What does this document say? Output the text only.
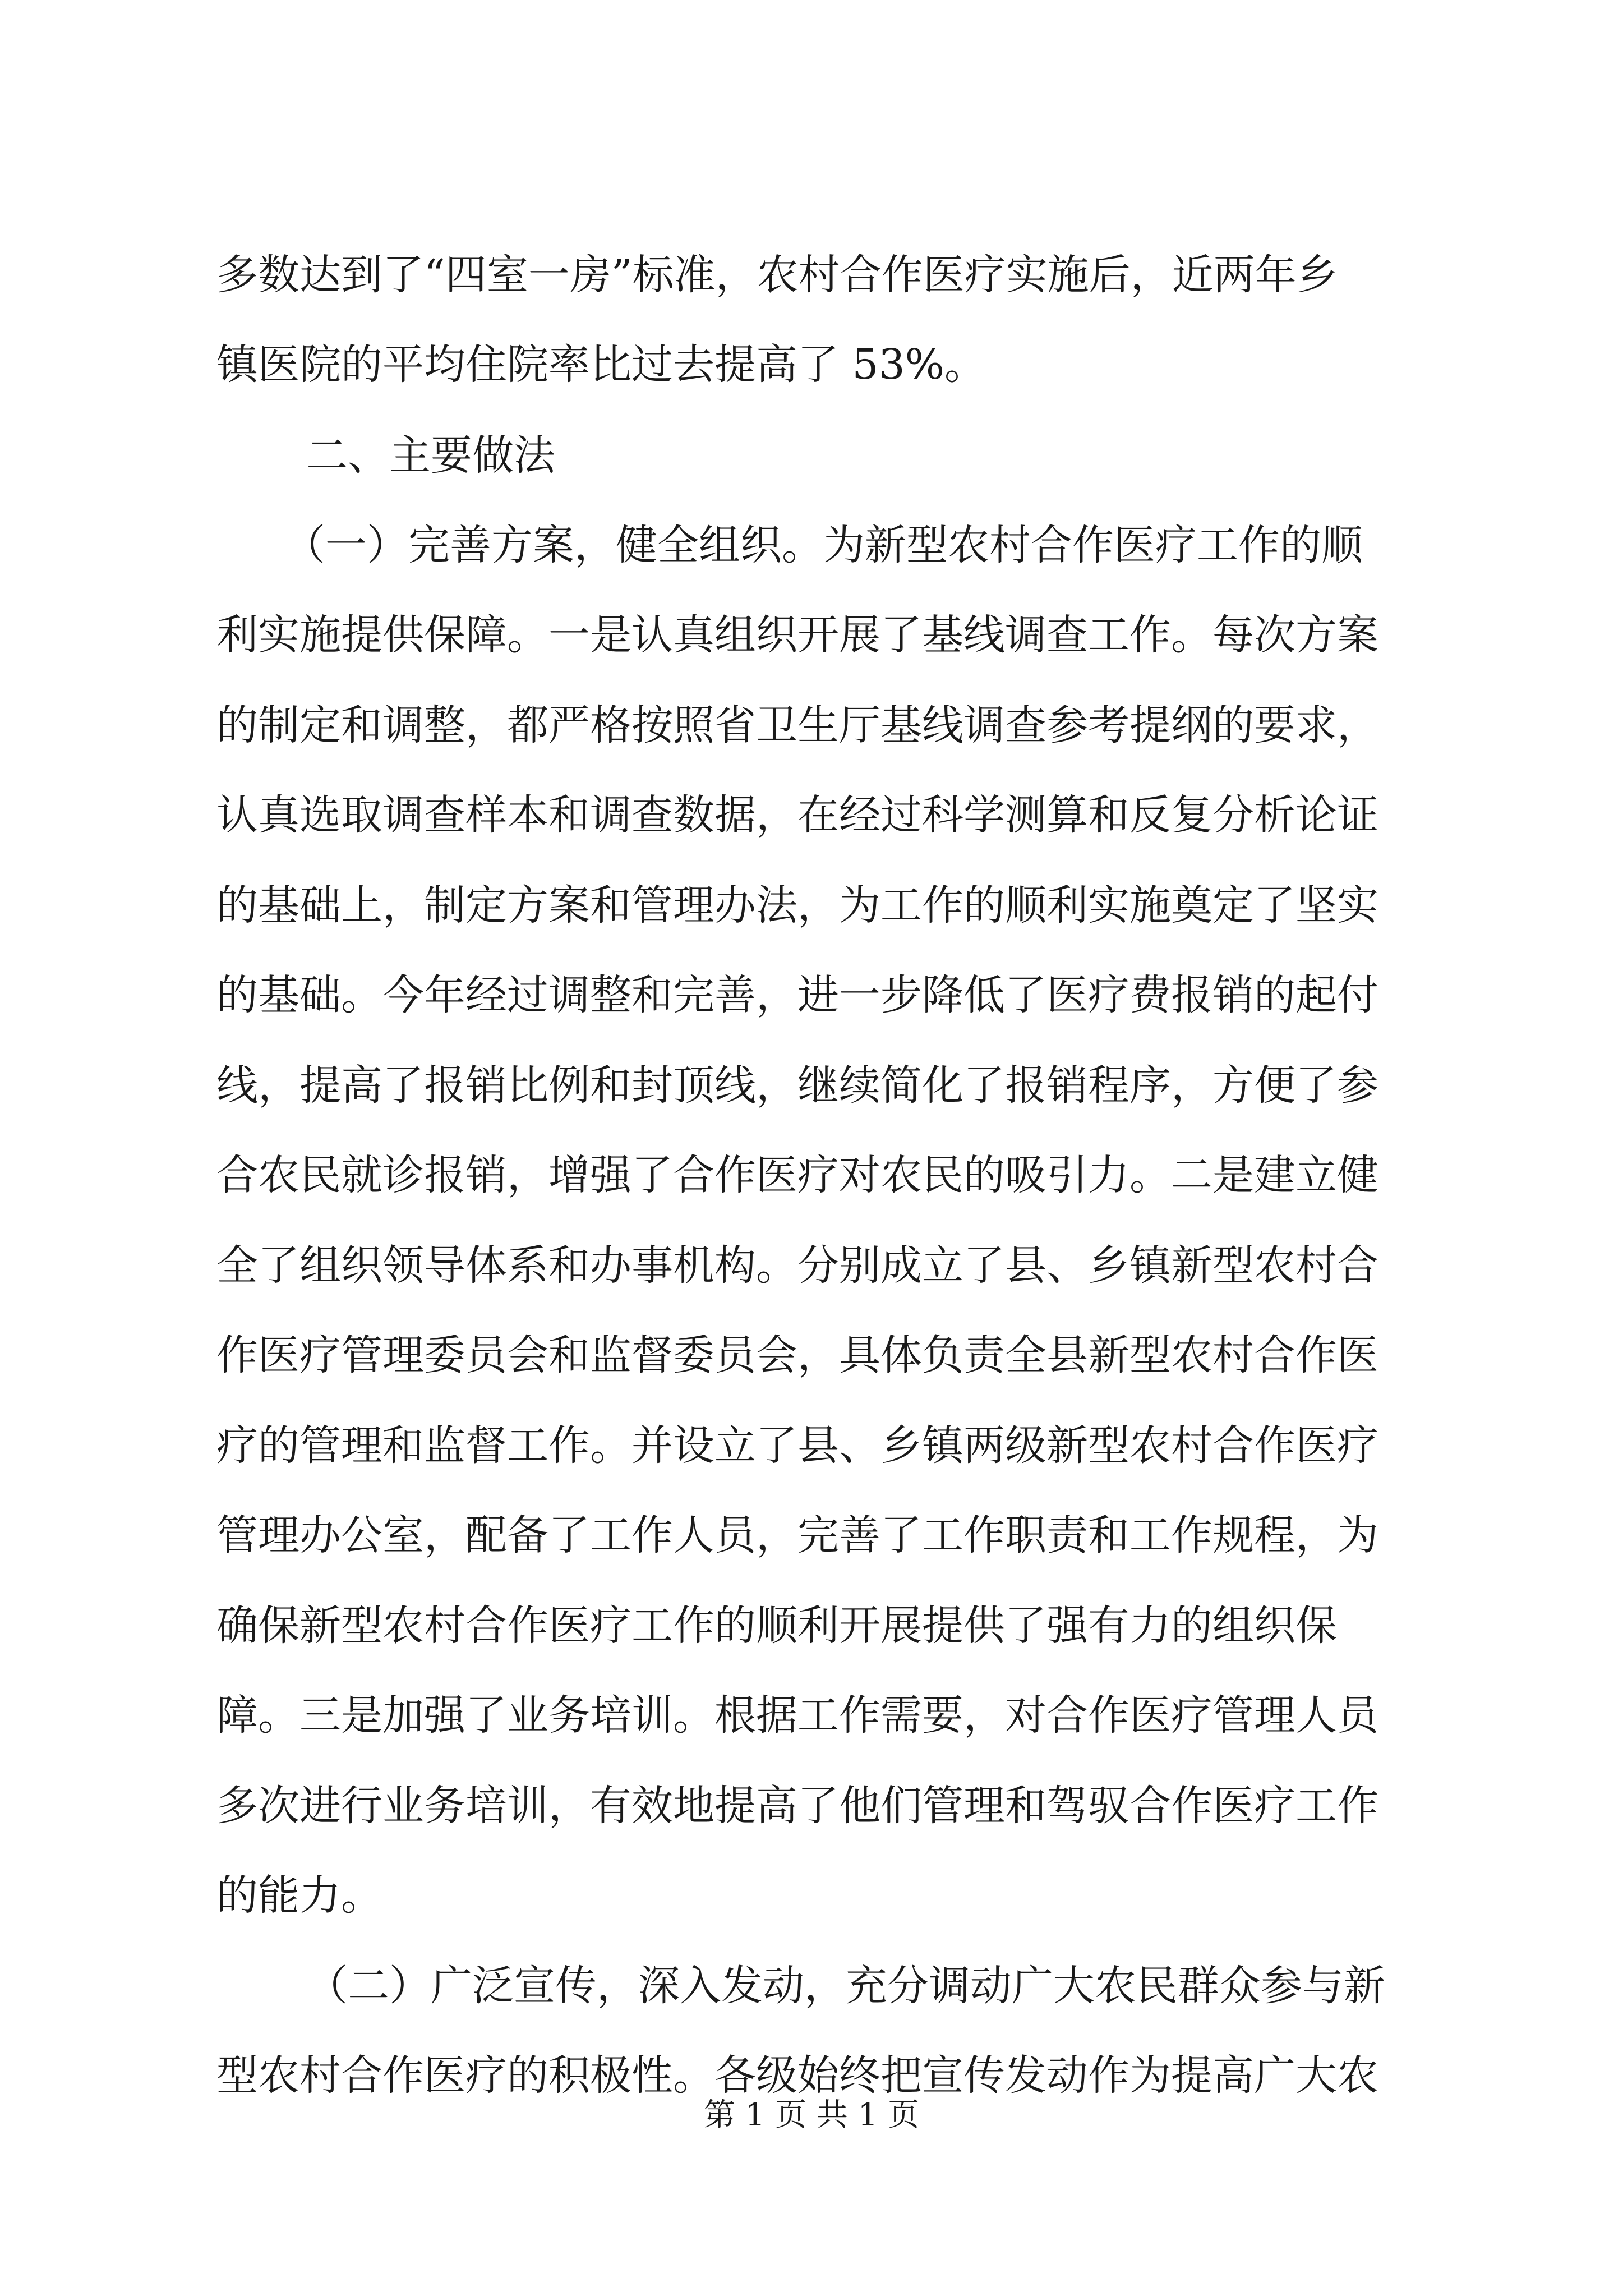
多数达到了“四室一房”标准，农村合作医疗实施后，近两年乡
镇医院的平均住院率比过去提高了 53%。
二、主要做法
（一）完善方案，健全组织。为新型农村合作医疗工作的顺
利实施提供保障。一是认真组织开展了基线调查工作。每次方案
的制定和调整，都严格按照省卫生厅基线调查参考提纲的要求，
认真选取调查样本和调查数据，在经过科学测算和反复分析论证
的基础上，制定方案和管理办法，为工作的顺利实施奠定了坚实
的基础。今年经过调整和完善，进一步降低了医疗费报销的起付
线，提高了报销比例和封顶线，继续简化了报销程序，方便了参
合农民就诊报销，增强了合作医疗对农民的吸引力。二是建立健
全了组织领导体系和办事机构。分别成立了县、乡镇新型农村合
作医疗管理委员会和监督委员会，具体负责全县新型农村合作医
疗的管理和监督工作。并设立了县、乡镇两级新型农村合作医疗
管理办公室，配备了工作人员，完善了工作职责和工作规程，为
确保新型农村合作医疗工作的顺利开展提供了强有力的组织保
障。三是加强了业务培训。根据工作需要，对合作医疗管理人员
多次进行业务培训，有效地提高了他们管理和驾驭合作医疗工作
的能力。
（二）广泛宣传，深入发动，充分调动广大农民群众参与新
型农村合作医疗的积极性。各级始终把宣传发动作为提高广大农
第 1 页 共 1 页
